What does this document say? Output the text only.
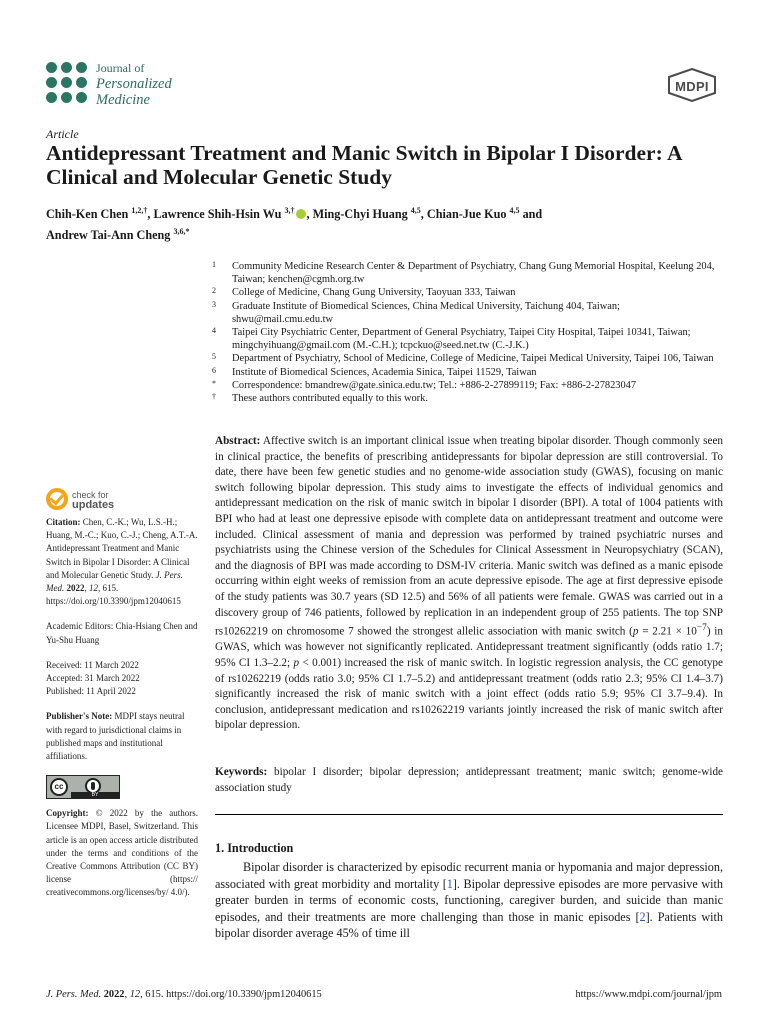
Journal of
Personalized
Medicine
MDPI
Article
Antidepressant Treatment and Manic Switch in Bipolar I Disorder: A Clinical and Molecular Genetic Study
Chih-Ken Chen $^{1,2,\dagger}$, Lawrence Shih-Hsin Wu $^{3,\dagger}$ , Ming-Chyi Huang $^{4,5}$, Chian-Jue Kuo $^{4,5}$ and
Andrew Tai-Ann Cheng $^{3,6,*}$
1	Community Medicine Research Center & Department of Psychiatry, Chang Gung Memorial Hospital, Keelung 204, Taiwan; kenchen@cgmh.org.tw
2	College of Medicine, Chang Gung University, Taoyuan 333, Taiwan
3	Graduate Institute of Biomedical Sciences, China Medical University, Taichung 404, Taiwan; shwu@mail.cmu.edu.tw
4	Taipei City Psychiatric Center, Department of General Psychiatry, Taipei City Hospital, Taipei 10341, Taiwan; mingchyihuang@gmail.com (M.-C.H.); tcpckuo@seed.net.tw (C.-J.K.)
5	Department of Psychiatry, School of Medicine, College of Medicine, Taipei Medical University, Taipei 106, Taiwan
6	Institute of Biomedical Sciences, Academia Sinica, Taipei 11529, Taiwan
*	Correspondence: bmandrew@gate.sinica.edu.tw; Tel.: +886-2-27899119; Fax: +886-2-27823047
†	These authors contributed equally to this work.
Abstract: Affective switch is an important clinical issue when treating bipolar disorder. Though commonly seen in clinical practice, the benefits of prescribing antidepressants for bipolar depression are still controversial. To date, there have been few genetic studies and no genome-wide association study (GWAS), focusing on manic switch following bipolar depression. This study aims to investigate the effects of individual genomics and antidepressant medication on the risk of manic switch in bipolar I disorder (BPI). A total of 1004 patients with BPI who had at least one depressive episode with complete data on antidepressant treatment and outcome were included. Clinical assessment of mania and depression was performed by trained psychiatric nurses and psychiatrists using the Chinese version of the Schedules for Clinical Assessment in Neuropsychiatry (SCAN), and the diagnosis of BPI was made according to DSM-IV criteria. Manic switch was defined as a manic episode occurring within eight weeks of remission from an acute depressive episode. The age at first depressive episode of the study patients was 30.7 years (SD 12.5) and 56% of all patients were female. GWAS was carried out in a discovery group of 746 patients, followed by replication in an independent group of 255 patients. The top SNP rs10262219 on chromosome 7 showed the strongest allelic association with manic switch $(p = 2.21 \times 10^{-7})$ in GWAS, which was however not significantly replicated. Antidepressant treatment significantly (odds ratio 1.7; 95% CI 1.3–2.2; p < 0.001) increased the risk of manic switch. In logistic regression analysis, the CC genotype of rs10262219 (odds ratio 3.0; 95% CI 1.7–5.2) and antidepressant treatment (odds ratio 2.3; 95% CI 1.4–3.7) significantly increased the risk of manic switch with a joint effect (odds ratio 5.9; 95% CI 3.7–9.4). In conclusion, antidepressant medication and rs10262219 variants jointly increased the risk of manic switch after bipolar depression.
Keywords: bipolar I disorder; bipolar depression; antidepressant treatment; manic switch; genome-wide association study
check for
updates

Citation: Chen, C.-K.; Wu, L.S.-H.; Huang, M.-C.; Kuo, C.-J.; Cheng, A.T.-A. Antidepressant Treatment and Manic Switch in Bipolar I Disorder: A Clinical and Molecular Genetic Study. J. Pers. Med. 2022, 12, 615. https://doi.org/10.3390/jpm12040615

Academic Editors: Chia-Hsiang Chen and Yu-Shu Huang

Received: 11 March 2022
Accepted: 31 March 2022
Published: 11 April 2022

Publisher's Note: MDPI stays neutral with regard to jurisdictional claims in published maps and institutional affiliations.

cc
BY

Copyright: © 2022 by the authors. Licensee MDPI, Basel, Switzerland. This article is an open access article distributed under the terms and conditions of the Creative Commons Attribution (CC BY) license (https:// creativecommons.org/licenses/by/ 4.0/).

1. Introduction
Bipolar disorder is characterized by episodic recurrent mania or hypomania and major depression, associated with great morbidity and mortality [1]. Bipolar depressive episodes are more pervasive with greater burden in terms of economic costs, functioning, caregiver burden, and suicide than manic episodes, and their treatments are more challenging than those in manic episodes [2]. Patients with bipolar disorder average 45% of time ill
J. Pers. Med. 2022, 12, 615. https://doi.org/10.3390/jpm12040615	https://www.mdpi.com/journal/jpm
